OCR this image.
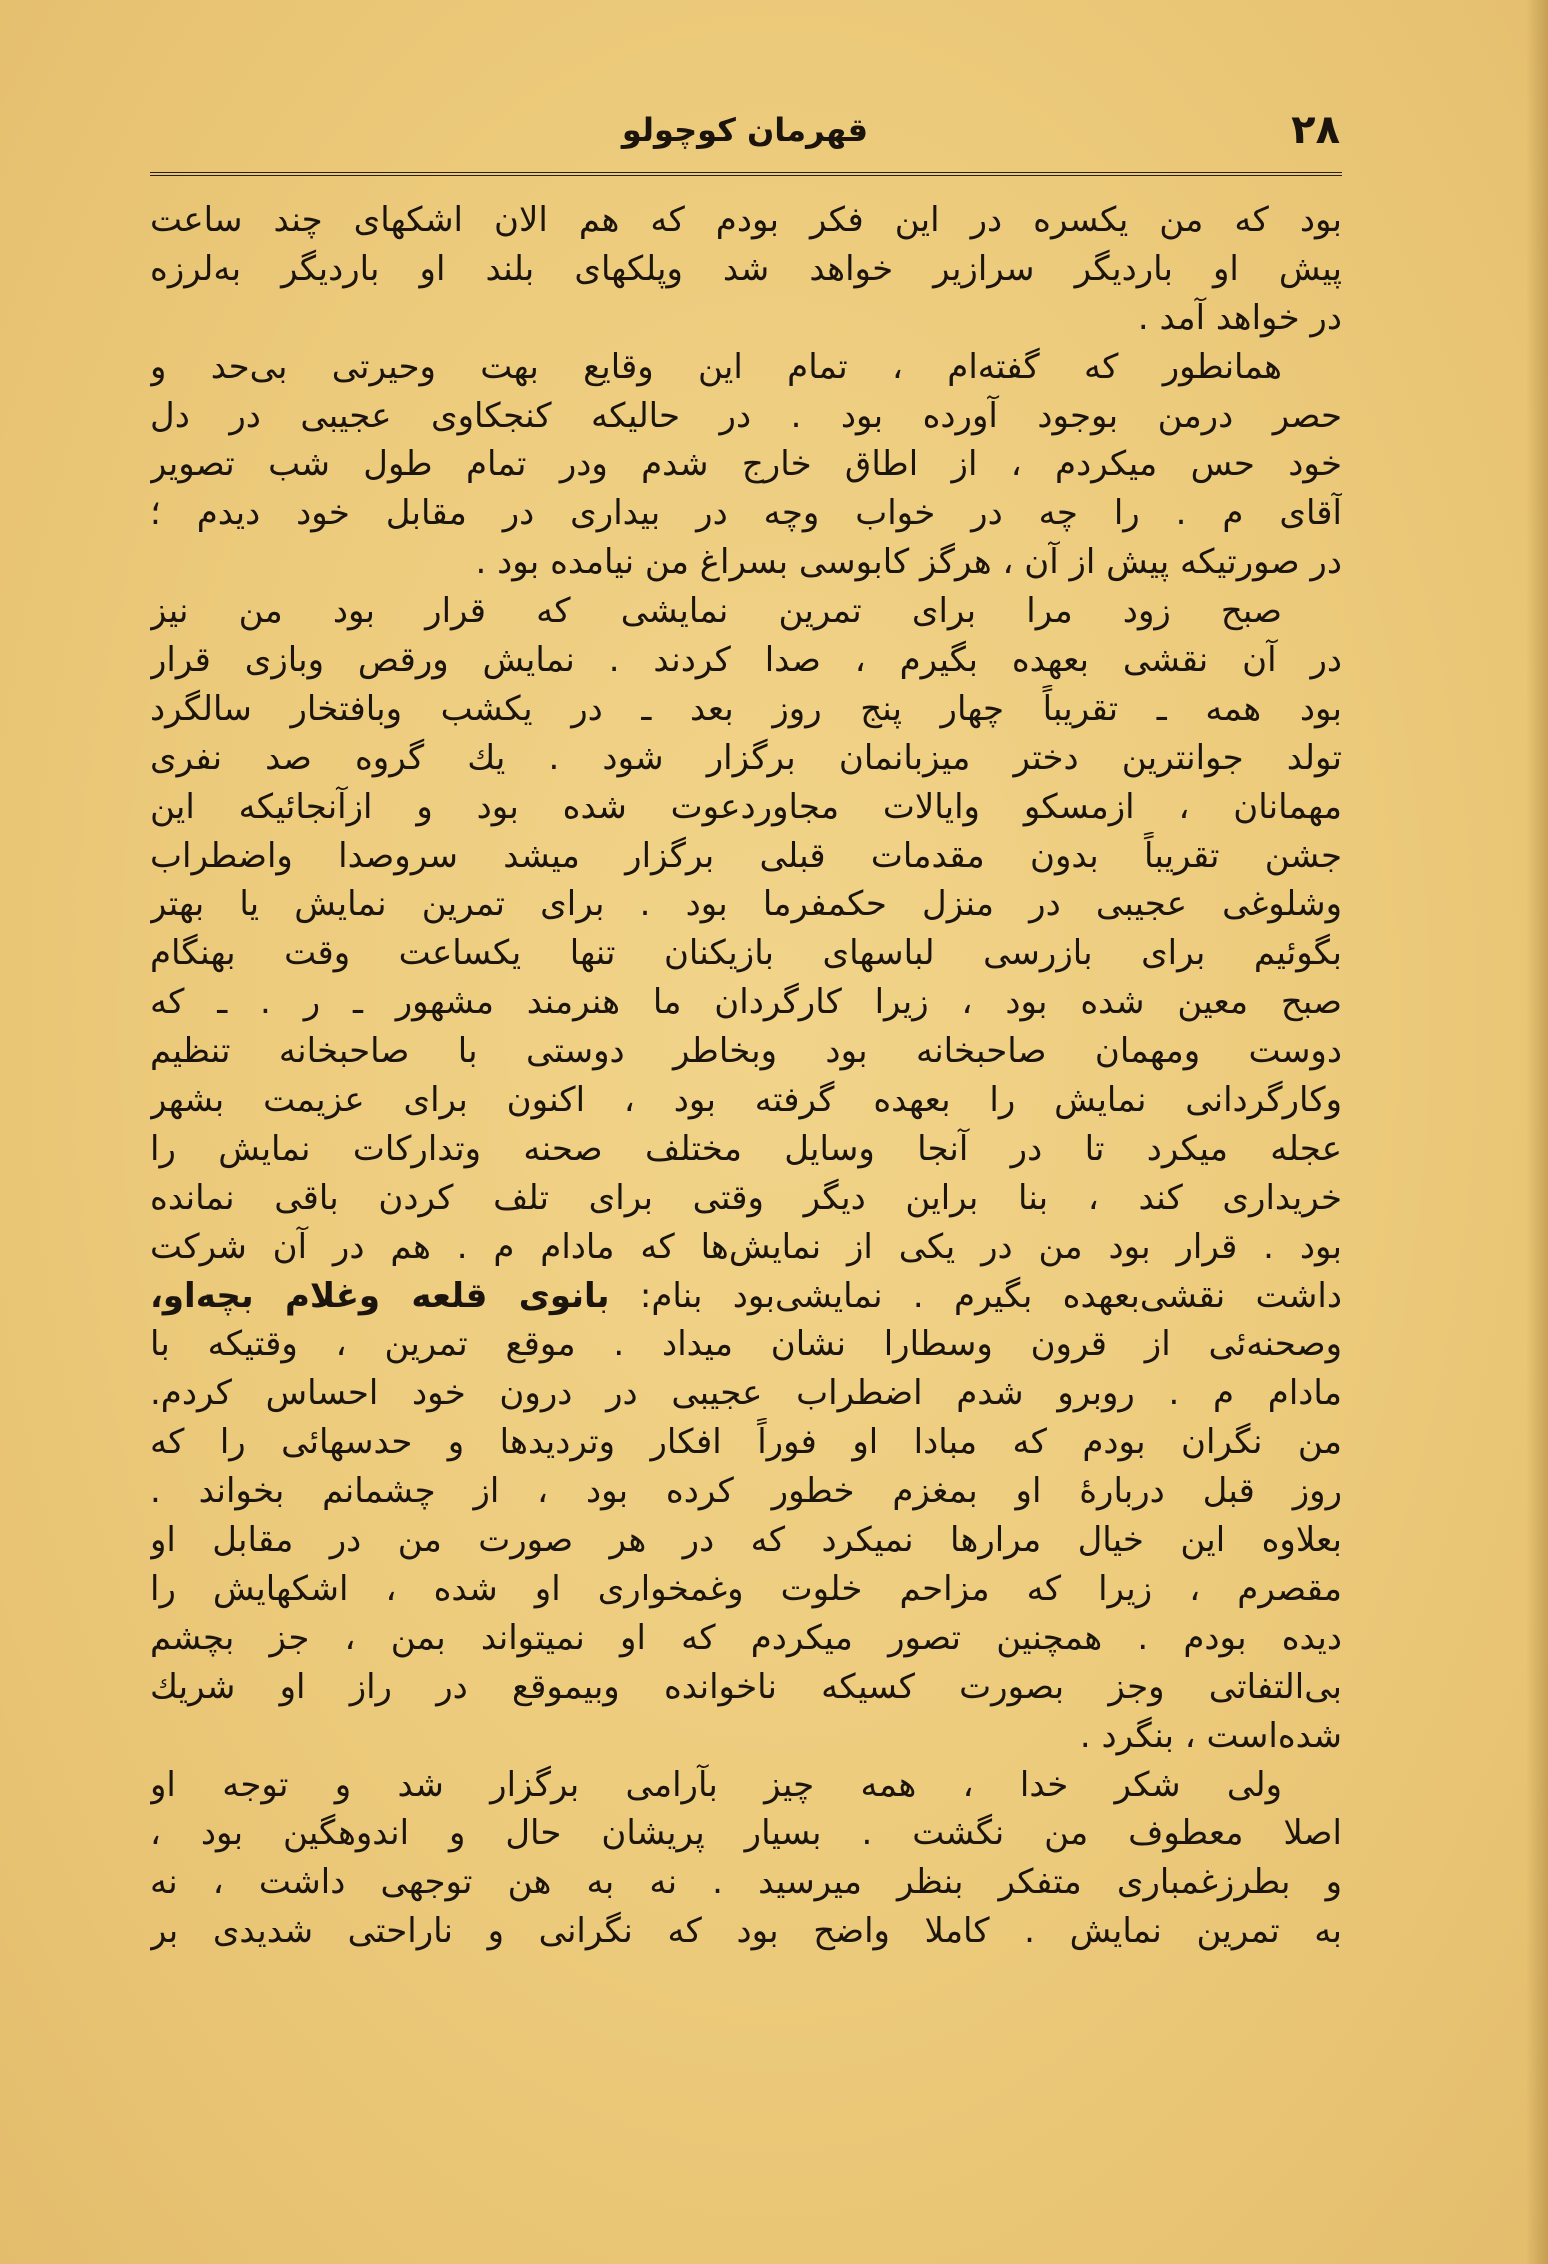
۲۸
قهرمان کوچولو
بود که من یکسره در این فکر بودم که هم الان اشکهای چند ساعت
پیش او باردیگر سرازیر خواهد شد وپلکهای بلند او باردیگر به‌لرزه
در خواهد آمد .
همانطور که گفته‌ام ، تمام این وقایع بهت وحیرتی بی‌حد و
حصر درمن بوجود آورده بود . در حالیکه کنجکاوی عجیبی در دل
خود حس میکردم ، از اطاق خارج شدم ودر تمام طول شب تصویر
آقای م . را چه در خواب وچه در بیداری در مقابل خود دیدم ؛
در صورتیکه پیش از آن ، هرگز کابوسی بسراغ من نیامده بود .
صبح زود مرا برای تمرین نمایشی که قرار بود من نیز
در آن نقشی بعهده بگیرم ، صدا کردند . نمایش ورقص وبازی قرار
بود همه ـ تقریباً چهار پنج روز بعد ـ در یکشب وبافتخار سالگرد
تولد جوانترین دختر میزبانمان برگزار شود . یك گروه صد نفری
مهمانان ، ازمسکو وایالات مجاوردعوت شده بود و ازآنجائیکه این
جشن تقریباً بدون مقدمات قبلی برگزار میشد سروصدا واضطراب
وشلوغی عجیبی در منزل حکمفرما بود . برای تمرین نمایش یا بهتر
بگوئیم برای بازرسی لباسهای بازیکنان تنها یکساعت وقت بهنگام
صبح معین شده بود ، زیرا کارگردان ما هنرمند مشهور ـ ر . ـ که
دوست ومهمان صاحبخانه بود وبخاطر دوستی با صاحبخانه تنظیم
وکارگردانی نمایش را بعهده گرفته بود ، اکنون برای عزیمت بشهر
عجله میکرد تا در آنجا وسایل مختلف صحنه وتدارکات نمایش را
خریداری کند ، بنا براین دیگر وقتی برای تلف کردن باقی نمانده
بود . قرار بود من در یکی از نمایش‌ها که مادام م . هم در آن شرکت
داشت نقشی‌بعهده بگیرم . نمایشی‌بود بنام: بانوی قلعه وغلام بچه‌او،
وصحنه‌ئی از قرون وسطارا نشان میداد . موقع تمرین ، وقتیکه با
مادام م . روبرو شدم اضطراب عجیبی در درون خود احساس کردم.
من نگران بودم که مبادا او فوراً افکار وتردیدها و حدسهائی را که
روز قبل دربارهٔ او بمغزم خطور کرده بود ، از چشمانم بخواند .
بعلاوه این خیال مرارها نمیکرد که در هر صورت من در مقابل او
مقصرم ، زیرا که مزاحم خلوت وغمخواری او شده ، اشکهایش را
دیده بودم . همچنین تصور میکردم که او نمیتواند بمن ، جز بچشم
بی‌التفاتی وجز بصورت کسیکه ناخوانده وبیموقع در راز او شریك
شده‌است ، بنگرد .
ولی شکر خدا ، همه چیز بآرامی برگزار شد و توجه او
اصلا معطوف من نگشت . بسیار پریشان حال و اندوهگین بود ،
و بطرزغمباری متفکر بنظر میرسید . نه به هن توجهی داشت ، نه
به تمرین نمایش . کاملا واضح بود که نگرانی و ناراحتی شدیدی بر
